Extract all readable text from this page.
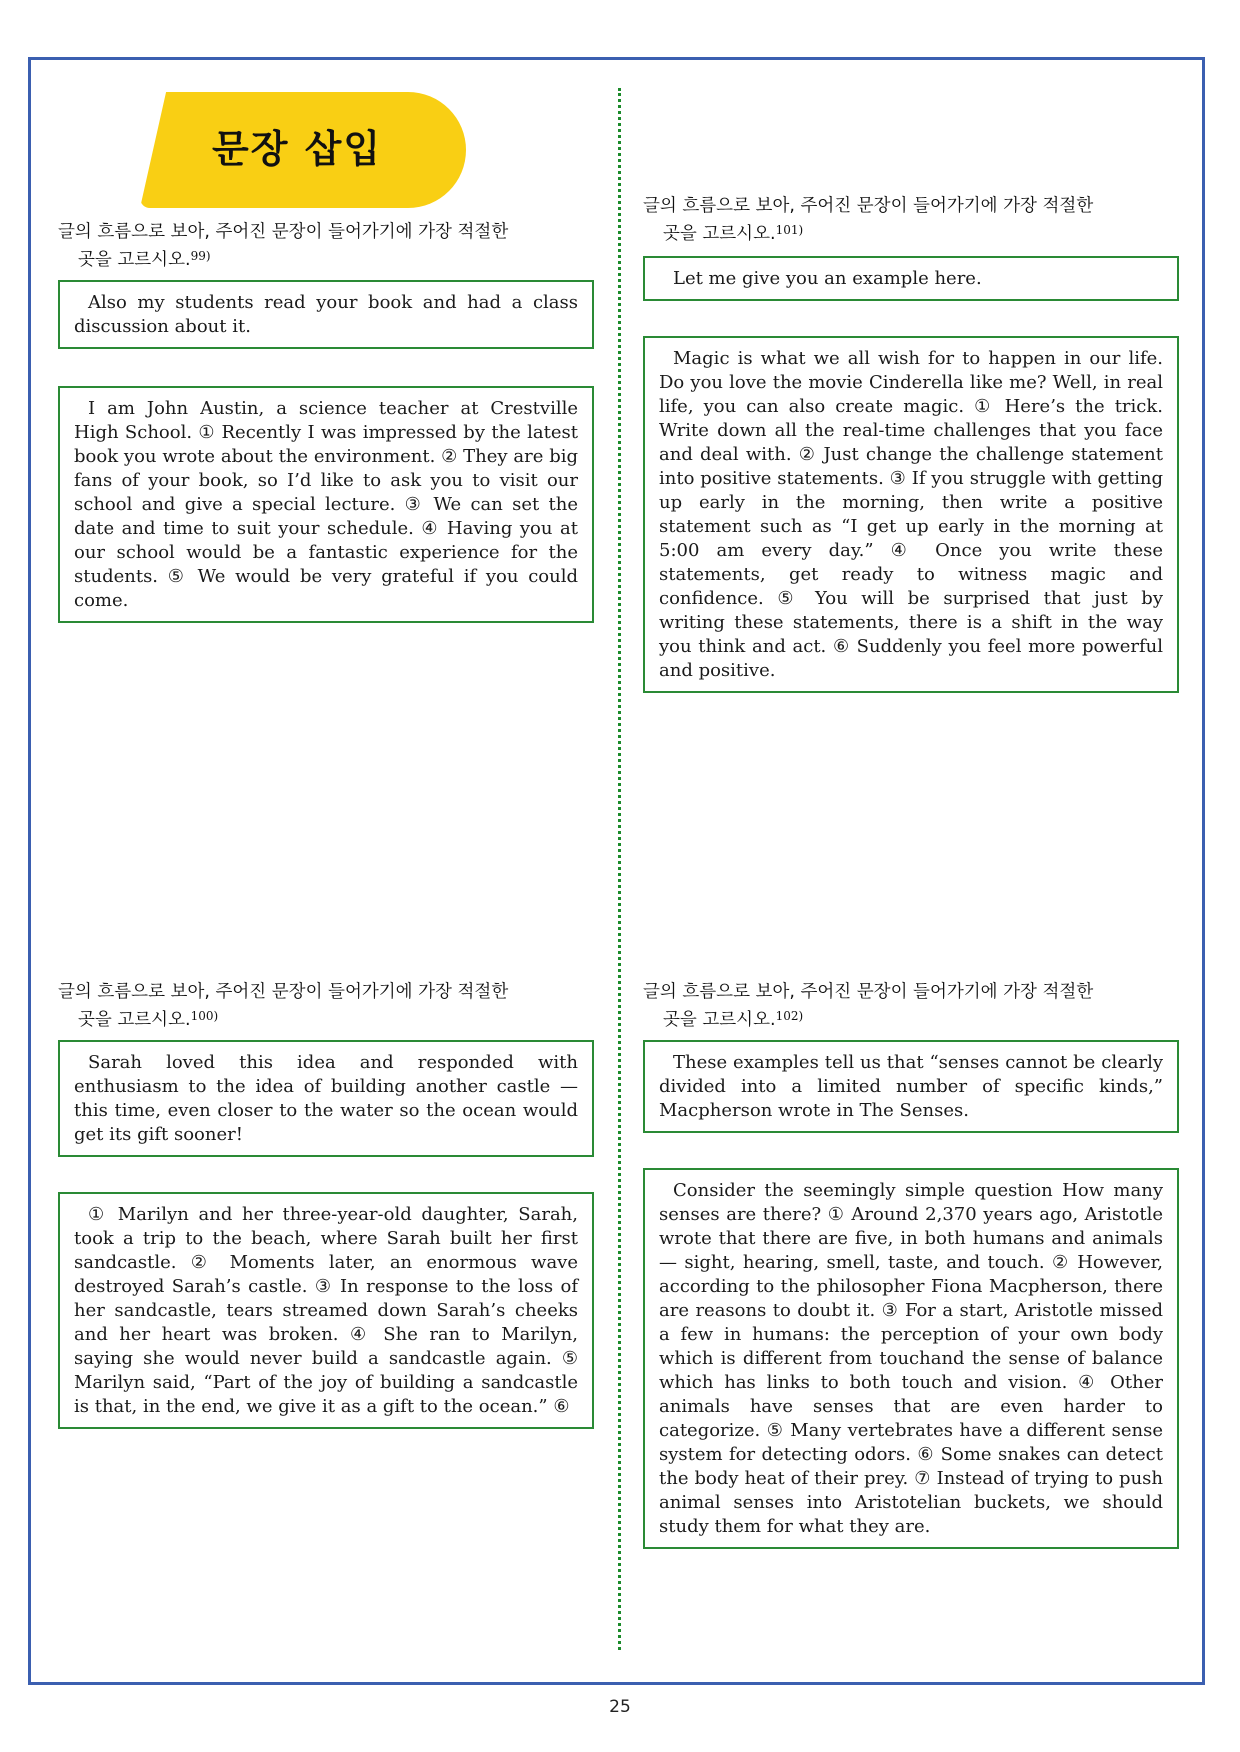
문장 삽입
글의 흐름으로 보아, 주어진 문장이 들어가기에 가장 적절한
곳을 고르시오.$^{99)}$

Also my students read your book and had a class discussion about it.

I am John Austin, a science teacher at Crestville High School. ① Recently I was impressed by the latest book you wrote about the environment. ② They are big fans of your book, so I’d like to ask you to visit our school and give a special lecture. ③ We can set the date and time to suit your schedule. ④ Having you at our school would be a fantastic experience for the students. ⑤ We would be very grateful if you could come.

글의 흐름으로 보아, 주어진 문장이 들어가기에 가장 적절한
곳을 고르시오.$^{100)}$

Sarah loved this idea and responded with enthusiasm to the idea of building another castle — this time, even closer to the water so the ocean would get its gift sooner!

① Marilyn and her three-year-old daughter, Sarah, took a trip to the beach, where Sarah built her first sandcastle. ② Moments later, an enormous wave destroyed Sarah’s castle. ③ In response to the loss of her sandcastle, tears streamed down Sarah’s cheeks and her heart was broken. ④ She ran to Marilyn, saying she would never build a sandcastle again. ⑤ Marilyn said, “Part of the joy of building a sandcastle is that, in the end, we give it as a gift to the ocean.” ⑥

글의 흐름으로 보아, 주어진 문장이 들어가기에 가장 적절한
곳을 고르시오.$^{101)}$

Let me give you an example here.

Magic is what we all wish for to happen in our life. Do you love the movie Cinderella like me? Well, in real life, you can also create magic. ① Here’s the trick. Write down all the real-time challenges that you face and deal with. ② Just change the challenge statement into positive statements. ③ If you struggle with getting up early in the morning, then write a positive statement such as “I get up early in the morning at 5:00 am every day.” ④ Once you write these statements, get ready to witness magic and confidence. ⑤ You will be surprised that just by writing these statements, there is a shift in the way you think and act. ⑥ Suddenly you feel more powerful and positive.

글의 흐름으로 보아, 주어진 문장이 들어가기에 가장 적절한
곳을 고르시오.$^{102)}$

These examples tell us that “senses cannot be clearly divided into a limited number of specific kinds,” Macpherson wrote in The Senses.

Consider the seemingly simple question How many senses are there? ① Around 2,370 years ago, Aristotle wrote that there are five, in both humans and animals — sight, hearing, smell, taste, and touch. ② However, according to the philosopher Fiona Macpherson, there are reasons to doubt it. ③ For a start, Aristotle missed a few in humans: the perception of your own body which is different from touchand the sense of balance which has links to both touch and vision. ④ Other animals have senses that are even harder to categorize. ⑤ Many vertebrates have a different sense system for detecting odors. ⑥ Some snakes can detect the body heat of their prey. ⑦ Instead of trying to push animal senses into Aristotelian buckets, we should study them for what they are.

25
